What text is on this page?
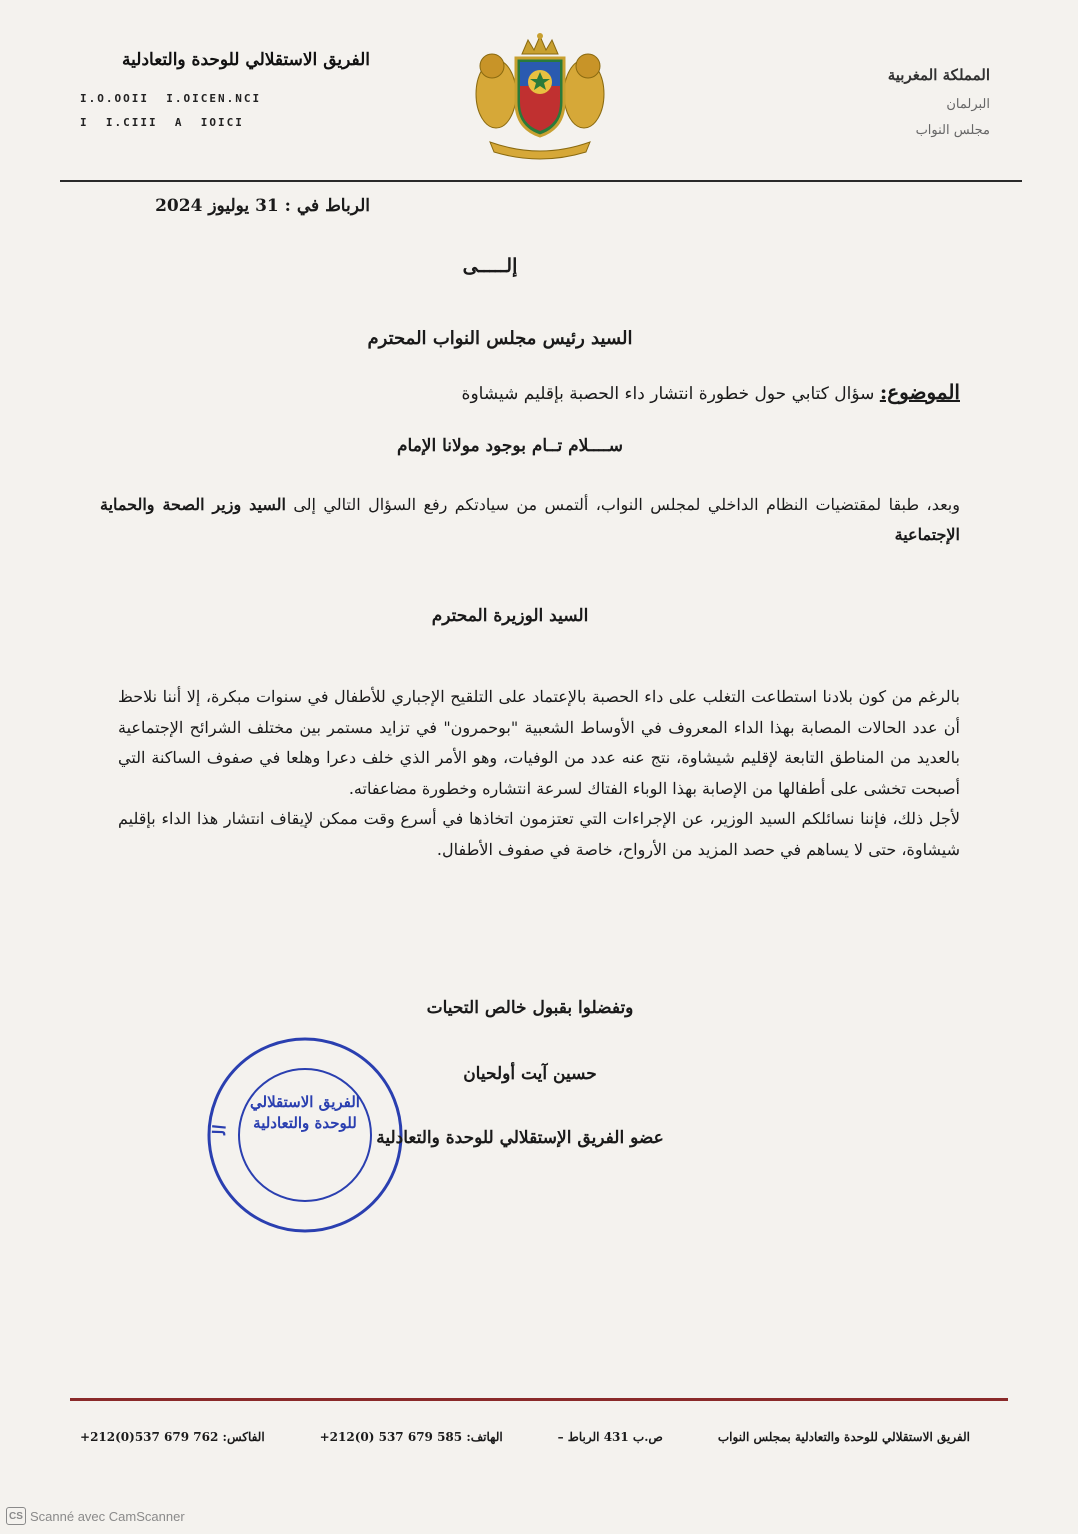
المملكة المغربية
البرلمان
مجلس النواب
الفريق الاستقلالي للوحدة والتعادلية
I.O.OOII  I.OICEN.NCI
I  I.CIII  A  IOICI
الرباط في : 31 يوليوز 2024
إلـــــى
السيد رئيس مجلس النواب المحترم
الموضوع: سؤال كتابي حول خطورة انتشار داء الحصبة بإقليم شيشاوة
ســــلام تــام بوجود مولانا الإمام
وبعد، طبقا لمقتضيات النظام الداخلي لمجلس النواب، ألتمس من سيادتكم رفع السؤال التالي إلى السيد وزير الصحة والحماية الإجتماعية
السيد الوزيرة المحترم
بالرغم من كون بلادنا استطاعت التغلب على داء الحصبة بالإعتماد على التلقيح الإجباري للأطفال في سنوات مبكرة، إلا أننا نلاحظ أن عدد الحالات المصابة بهذا الداء المعروف في الأوساط الشعبية "بوحمرون" في تزايد مستمر بين مختلف الشرائح الإجتماعية بالعديد من المناطق التابعة لإقليم شيشاوة، نتج عنه عدد من الوفيات، وهو الأمر الذي خلف دعرا وهلعا في صفوف الساكنة التي أصبحت تخشى على أطفالها من الإصابة بهذا الوباء الفتاك لسرعة انتشاره وخطورة مضاعفاته.
لأجل ذلك، فإننا نسائلكم السيد الوزير، عن الإجراءات التي تعتزمون اتخاذها في أسرع وقت ممكن لإيقاف انتشار هذا الداء بإقليم شيشاوة، حتى لا يساهم في حصد المزيد من الأرواح، خاصة في صفوف الأطفال.
وتفضلوا بقبول خالص التحيات
ال
الفريق الاستقلالي للوحدة والتعادلية
حسين آيت أولحيان
عضو الفريق الإستقلالي للوحدة والتعادلية
الفريق الاستقلالي للوحدة والتعادلية بمجلس النواب
ص.ب 431 الرباط –
الهاتف: +212(0) 537 679 585
الفاكس: +212(0)537 679 762
CS Scanné avec CamScanner
